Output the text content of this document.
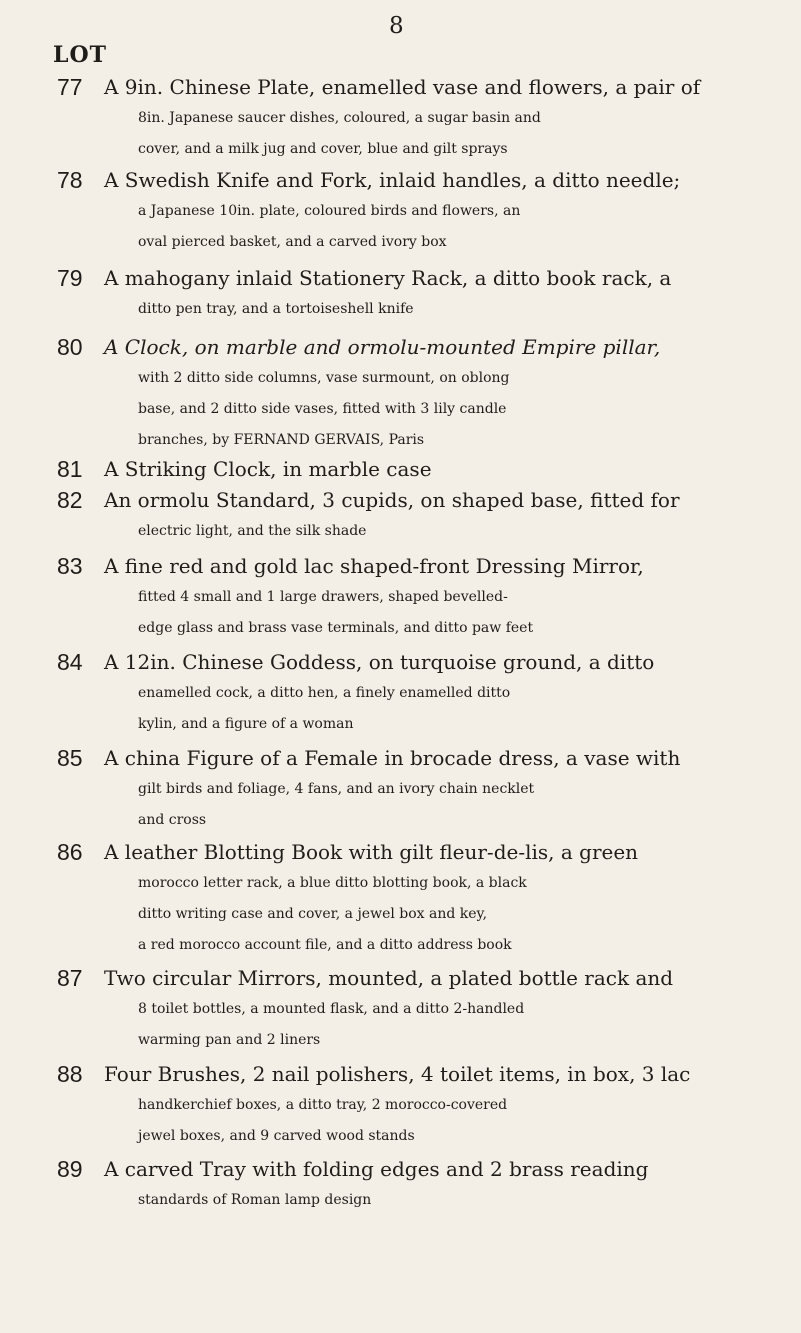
8
LOT
77	A 9in. Chinese Plate, enamelled vase and flowers, a pair of
8in. Japanese saucer dishes, coloured, a sugar basin and
cover, and a milk jug and cover, blue and gilt sprays
78	A Swedish Knife and Fork, inlaid handles, a ditto needle;
a Japanese 10in. plate, coloured birds and flowers, an
oval pierced basket, and a carved ivory box
79	A mahogany inlaid Stationery Rack, a ditto book rack, a
ditto pen tray, and a tortoiseshell knife
80	A Clock, on marble and ormolu-mounted Empire pillar,
with 2 ditto side columns, vase surmount, on oblong
base, and 2 ditto side vases, fitted with 3 lily candle
branches, by FERNAND GERVAIS, Paris
81	A Striking Clock, in marble case
82	An ormolu Standard, 3 cupids, on shaped base, fitted for
electric light, and the silk shade
83	A fine red and gold lac shaped-front Dressing Mirror,
fitted 4 small and 1 large drawers, shaped bevelled-
edge glass and brass vase terminals, and ditto paw feet
84	A 12in. Chinese Goddess, on turquoise ground, a ditto
enamelled cock, a ditto hen, a finely enamelled ditto
kylin, and a figure of a woman
85	A china Figure of a Female in brocade dress, a vase with
gilt birds and foliage, 4 fans, and an ivory chain necklet
and cross
86	A leather Blotting Book with gilt fleur-de-lis, a green
morocco letter rack, a blue ditto blotting book, a black
ditto writing case and cover, a jewel box and key,
a red morocco account file, and a ditto address book
87	Two circular Mirrors, mounted, a plated bottle rack and
8 toilet bottles, a mounted flask, and a ditto 2-handled
warming pan and 2 liners
88	Four Brushes, 2 nail polishers, 4 toilet items, in box, 3 lac
handkerchief boxes, a ditto tray, 2 morocco-covered
jewel boxes, and 9 carved wood stands
89	A carved Tray with folding edges and 2 brass reading
standards of Roman lamp design
